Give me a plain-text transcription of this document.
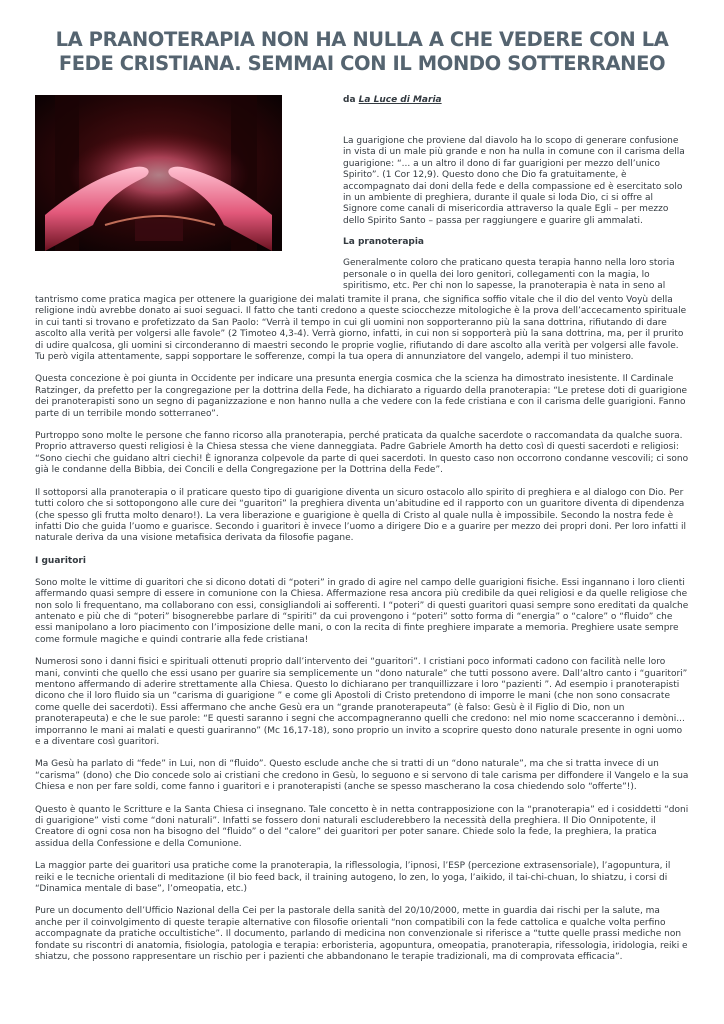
LA PRANOTERAPIA NON HA NULLA A CHE VEDERE CON LA FEDE CRISTIANA. SEMMAI CON IL MONDO SOTTERRANEO

da La Luce di Maria

La guarigione che proviene dal diavolo ha lo scopo di generare confusione in vista di un male più grande e non ha nulla in comune con il carisma della guarigione: “... a un altro il dono di far guarigioni per mezzo dell’unico Spirito”. (1 Cor 12,9). Questo dono che Dio fa gratuitamente, è accompagnato dai doni della fede e della compassione ed è esercitato solo in un ambiente di preghiera, durante il quale si loda Dio, ci si offre al Signore come canali di misericordia attraverso la quale Egli – per mezzo dello Spirito Santo – passa per raggiungere e guarire gli ammalati.

La pranoterapia

Generalmente coloro che praticano questa terapia hanno nella loro storia personale o in quella dei loro genitori, collegamenti con la magia, lo spiritismo, etc. Per chi non lo sapesse, la pranoterapia è nata in seno al

tantrismo come pratica magica per ottenere la guarigione dei malati tramite il prana, che significa soffio vitale che il dio del vento Voyù della religione indù avrebbe donato ai suoi seguaci. Il fatto che tanti credono a queste sciocchezze mitologiche è la prova dell’accecamento spirituale in cui tanti si trovano e profetizzato da San Paolo: “Verrà il tempo in cui gli uomini non sopporteranno più la sana dottrina, rifiutando di dare ascolto alla verità per volgersi alle favole” (2 Timoteo 4,3-4). Verrà giorno, infatti, in cui non si sopporterà più la sana dottrina, ma, per il prurito di udire qualcosa, gli uomini si circonderanno di maestri secondo le proprie voglie, rifiutando di dare ascolto alla verità per volgersi alle favole. Tu però vigila attentamente, sappi sopportare le sofferenze, compi la tua opera di annunziatore del vangelo, adempi il tuo ministero.

Questa concezione è poi giunta in Occidente per indicare una presunta energia cosmica che la scienza ha dimostrato inesistente. Il Cardinale Ratzinger, da prefetto per la congregazione per la dottrina della Fede, ha dichiarato a riguardo della pranoterapia: “Le pretese doti di guarigione dei pranoterapisti sono un segno di paganizzazione e non hanno nulla a che vedere con la fede cristiana e con il carisma delle guarigioni. Fanno parte di un terribile mondo sotterraneo”.

Purtroppo sono molte le persone che fanno ricorso alla pranoterapia, perché praticata da qualche sacerdote o raccomandata da qualche suora. Proprio attraverso questi religiosi è la Chiesa stessa che viene danneggiata. Padre Gabriele Amorth ha detto così di questi sacerdoti e religiosi: “Sono ciechi che guidano altri ciechi! È ignoranza colpevole da parte di quei sacerdoti. In questo caso non occorrono condanne vescovili; ci sono già le condanne della Bibbia, dei Concili e della Congregazione per la Dottrina della Fede”.

Il sottoporsi alla pranoterapia o il praticare questo tipo di guarigione diventa un sicuro ostacolo allo spirito di preghiera e al dialogo con Dio. Per tutti coloro che si sottopongono alle cure dei “guaritori” la preghiera diventa un’abitudine ed il rapporto con un guaritore diventa di dipendenza (che spesso gli frutta molto denaro!). La vera liberazione e guarigione è quella di Cristo al quale nulla è impossibile. Secondo la nostra fede è infatti Dio che guida l’uomo e guarisce. Secondo i guaritori è invece l’uomo a dirigere Dio e a guarire per mezzo dei propri doni. Per loro infatti il naturale deriva da una visione metafisica derivata da filosofie pagane.

I guaritori

Sono molte le vittime di guaritori che si dicono dotati di “poteri” in grado di agire nel campo delle guarigioni fisiche. Essi ingannano i loro clienti affermando quasi sempre di essere in comunione con la Chiesa. Affermazione resa ancora più credibile da quei religiosi e da quelle religiose che non solo li frequentano, ma collaborano con essi, consigliandoli ai sofferenti. I “poteri” di questi guaritori quasi sempre sono ereditati da qualche antenato e più che di “poteri” bisognerebbe parlare di “spiriti” da cui provengono i “poteri” sotto forma di “energia” o “calore” o “fluido” che essi manipolano a loro piacimento con l’imposizione delle mani, o con la recita di finte preghiere imparate a memoria. Preghiere usate sempre come formule magiche e quindi contrarie alla fede cristiana!

Numerosi sono i danni fisici e spirituali ottenuti proprio dall’intervento dei “guaritori”. I cristiani poco informati cadono con facilità nelle loro mani, convinti che quello che essi usano per guarire sia semplicemente un “dono naturale” che tutti possono avere. Dall’altro canto i “guaritori” mentono affermando di aderire strettamente alla Chiesa. Questo lo dichiarano per tranquillizzare i loro “pazienti ”. Ad esempio i pranoterapisti dicono che il loro fluido sia un “carisma di guarigione ” e come gli Apostoli di Cristo pretendono di imporre le mani (che non sono consacrate come quelle dei sacerdoti). Essi affermano che anche Gesù era un “grande pranoterapeuta” (è falso: Gesù è il Figlio di Dio, non un pranoterapeuta) e che le sue parole: “E questi saranno i segni che accompagneranno quelli che credono: nel mio nome scacceranno i demòni... imporranno le mani ai malati e questi guariranno” (Mc 16,17-18), sono proprio un invito a scoprire questo dono naturale presente in ogni uomo e a diventare così guaritori.

Ma Gesù ha parlato di “fede” in Lui, non di “fluido”. Questo esclude anche che si tratti di un “dono naturale”, ma che si tratta invece di un “carisma” (dono) che Dio concede solo ai cristiani che credono in Gesù, lo seguono e si servono di tale carisma per diffondere il Vangelo e la sua Chiesa e non per fare soldi, come fanno i guaritori e i pranoterapisti (anche se spesso mascherano la cosa chiedendo solo “offerte”!).

Questo è quanto le Scritture e la Santa Chiesa ci insegnano. Tale concetto è in netta contrapposizione con la “pranoterapia” ed i cosiddetti “doni di guarigione” visti come “doni naturali”. Infatti se fossero doni naturali escluderebbero la necessità della preghiera. Il Dio Onnipotente, il Creatore di ogni cosa non ha bisogno del “fluido” o del “calore” dei guaritori per poter sanare. Chiede solo la fede, la preghiera, la pratica assidua della Confessione e della Comunione.

La maggior parte dei guaritori usa pratiche come la pranoterapia, la riflessologia, l’ipnosi, l’ESP (percezione extrasensoriale), l’agopuntura, il reiki e le tecniche orientali di meditazione (il bio feed back, il training autogeno, lo zen, lo yoga, l’aikido, il tai-chi-chuan, lo shiatzu, i corsi di “Dinamica mentale di base”, l’omeopatia, etc.)

Pure un documento dell’Ufficio Nazional della Cei per la pastorale della sanità del 20/10/2000, mette in guardia dai rischi per la salute, ma anche per il coinvolgimento di queste terapie alternative con filosofie orientali “non compatibili con la fede cattolica e qualche volta perfino accompagnate da pratiche occultistiche”. Il documento, parlando di medicina non convenzionale si riferisce a “tutte quelle prassi mediche non fondate su riscontri di anatomia, fisiologia, patologia e terapia: erboristeria, agopuntura, omeopatia, pranoterapia, rifessologia, iridologia, reiki e shiatzu, che possono rappresentare un rischio per i pazienti che abbandonano le terapie tradizionali, ma di comprovata efficacia”.
